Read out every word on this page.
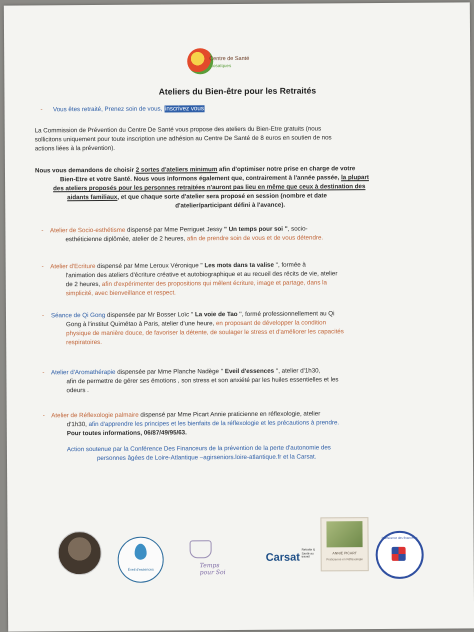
Centre de Santé
Mosaïques
Ateliers du Bien-être pour les Retraités
- Vous êtes retraité, Prenez soin de vous, inscrivez vous
La Commission de Prévention du Centre De Santé vous propose des ateliers du Bien-Etre gratuits (nous
sollicitons uniquement pour toute inscription une adhésion au Centre De Santé de 8 euros en soutien de nos
actions liées à la prévention).
Nous vous demandons de choisir 2 sortes d'ateliers minimum afin d'optimiser notre prise en charge de votre
Bien-Etre et votre Santé. Nous vous informons également que, contrairement à l'année passée, la plupart
des ateliers proposés pour les personnes retraitées n'auront pas lieu en même que ceux à destination des
aidants familiaux, et que chaque sorte d'atelier sera proposé en session (nombre et date
d'atelier/participant défini à l'avance).
- Atelier de Socio-esthétisme dispensé par Mme Perriguet Jessy " Un temps pour soi ", socio-
esthéticienne diplômée, atelier de 2 heures, afin de prendre soin de vous et de vous détendre.
- Atelier d'Ecriture dispensé par Mme Leroux Véronique '' Les mots dans ta valise '', formée à
l'animation des ateliers d'écriture créative et autobiographique et au recueil des récits de vie, atelier
de 2 heures, afin d'expérimenter des propositions qui mêlent écriture, image et partage, dans la
simplicité, avec bienveillance et respect.
- Séance de Qi Gong dispensée par Mr Bosser Loïc '' La voie de Tao '', formé professionnellement au Qi
Gong à l'institut Quimétao à Paris, atelier d'une heure, en proposant de développer la condition
physique de manière douce, de favoriser la détente, de soulager le stress et d'améliorer les capacités
respiratoires.
- Atelier d'Aromathérapie dispensée par Mme Planche Nadège '' Eveil d'essences '', atelier d'1h30,
afin de permettre de gérer ses émotions , son stress et son anxiété par les huiles essentielles et les
odeurs .
- Atelier de Réflexologie palmaire dispensé par Mme Picart Annie praticienne en réflexologie, atelier
d'1h30, afin d'apprendre les principes et les bienfaits de la réflexologie et les précautions à prendre.
Pour toutes informations, 06/87/49/95/63.
Action soutenue par la Conférence Des Financeurs de la prévention de la perte d'autonomie des
personnes âgées de Loire-Atlantique –agirseniors.loire-atlantique.fr et la Carsat.
Éveil d'essences
Temps pour Soi
Carsat
Retraite & Santé au travail
ANNIE PICART
Praticienne en Réflexologie
Conférence des financeurs
